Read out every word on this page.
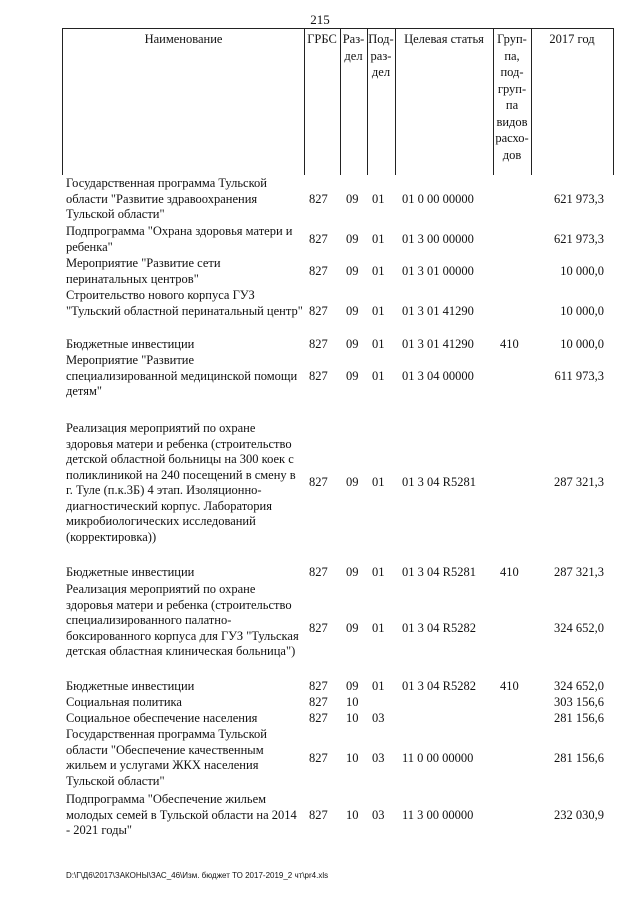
215
Наименование	ГРБС Раз- дел
Под- раз- дел
Целевая статья	Груп- па, под- груп- па видов расхо- дов
2017 год
Государственная программа Тульской области "Развитие здравоохранения Тульской области"
827 09 01 01 0 00 00000	621 973,3
Подпрограмма "Охрана здоровья матери и ребенка"
827 09 01 01 3 00 00000	621 973,3
Мероприятие "Развитие сети перинатальных центров"
827 09 01 01 3 01 00000	10 000,0
Строительство нового корпуса ГУЗ "Тульский областной перинатальный центр" 827 09 01 01 3 01 41290	10 000,0
Бюджетные инвестиции	827 09 01 01 3 01 41290 410	10 000,0
Мероприятие "Развитие специализированной медицинской помощи детям"
827 09 01 01 3 04 00000	611 973,3
Реализация мероприятий по охране здоровья матери и ребенка (строительство детской областной больницы на 300 коек с поликлиникой на 240 посещений в смену в г. Туле (п.к.3Б) 4 этап. Изоляционно-диагностический корпус. Лаборатория микробиологических исследований (корректировка))
827 09 01 01 3 04 R5281	287 321,3
Бюджетные инвестиции	827 09 01 01 3 04 R5281 410	287 321,3
Реализация мероприятий по охране здоровья матери и ребенка (строительство специализированного палатно-боксированного корпуса для ГУЗ "Тульская детская областная клиническая больница")
827 09 01 01 3 04 R5282	324 652,0
Бюджетные инвестиции	827 09 01 01 3 04 R5282 410	324 652,0
Социальная политика	827 10	303 156,6
Социальное обеспечение населения	827 10 03	281 156,6
Государственная программа Тульской области "Обеспечение качественным жильем и услугами ЖКХ населения Тульской области"
827 10 03 11 0 00 00000	281 156,6
Подпрограмма "Обеспечение жильем молодых семей в Тульской области на 2014 - 2021 годы"
827 10 03 11 3 00 00000	232 030,9
D:\Г\Д6\2017\ЗАКОНЫ\ЗАС_46\Изм. бюджет ТО 2017-2019_2 чт\pr4.xls
